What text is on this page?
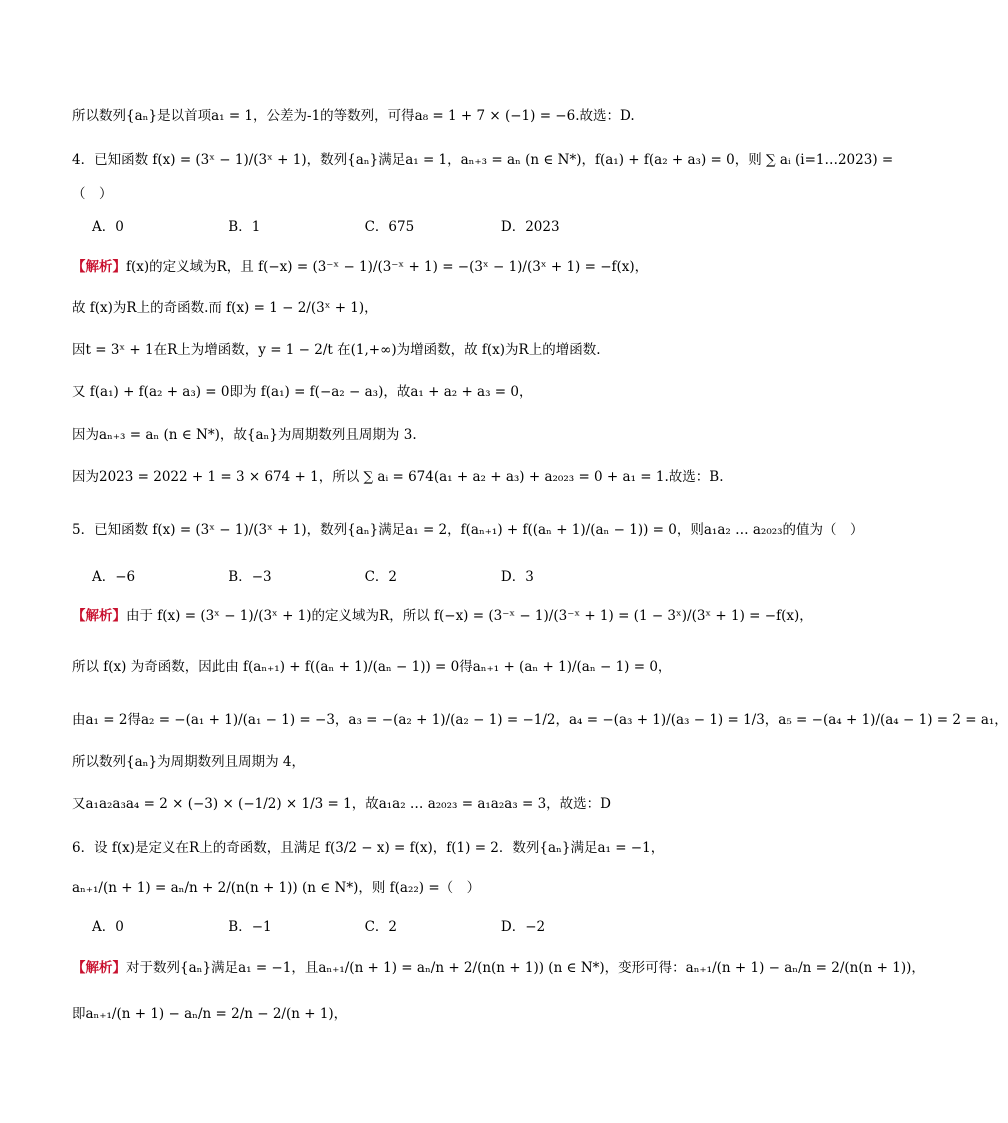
所以数列{aₙ}是以首项a₁ = 1，公差为-1的等数列，可得a₈ = 1 + 7 × (−1) = −6.故选：D.
4．已知函数 f(x) = (3ˣ − 1)/(3ˣ + 1)，数列{aₙ}满足a₁ = 1，aₙ₊₃ = aₙ (n ∈ N*)，f(a₁) + f(a₂ + a₃) = 0，则 ∑ aᵢ (i=1…2023) =
（　）
A．0	B．1	C．675	D．2023
【解析】f(x)的定义域为R，且 f(−x) = (3⁻ˣ − 1)/(3⁻ˣ + 1) = −(3ˣ − 1)/(3ˣ + 1) = −f(x)，
故 f(x)为R上的奇函数.而 f(x) = 1 − 2/(3ˣ + 1)，
因t = 3ˣ + 1在R上为增函数，y = 1 − 2/t 在(1,+∞)为增函数，故 f(x)为R上的增函数.
又 f(a₁) + f(a₂ + a₃) = 0即为 f(a₁) = f(−a₂ − a₃)，故a₁ + a₂ + a₃ = 0，
因为aₙ₊₃ = aₙ (n ∈ N*)，故{aₙ}为周期数列且周期为 3.
因为2023 = 2022 + 1 = 3 × 674 + 1，所以 ∑ aᵢ = 674(a₁ + a₂ + a₃) + a₂₀₂₃ = 0 + a₁ = 1.故选：B.
5．已知函数 f(x) = (3ˣ − 1)/(3ˣ + 1)，数列{aₙ}满足a₁ = 2，f(aₙ₊₁) + f((aₙ + 1)/(aₙ − 1)) = 0，则a₁a₂ … a₂₀₂₃的值为（　）
A．−6	B．−3	C．2	D．3
【解析】由于 f(x) = (3ˣ − 1)/(3ˣ + 1)的定义域为R，所以 f(−x) = (3⁻ˣ − 1)/(3⁻ˣ + 1) = (1 − 3ˣ)/(3ˣ + 1) = −f(x)，
所以 f(x) 为奇函数，因此由 f(aₙ₊₁) + f((aₙ + 1)/(aₙ − 1)) = 0得aₙ₊₁ + (aₙ + 1)/(aₙ − 1) = 0，
由a₁ = 2得a₂ = −(a₁ + 1)/(a₁ − 1) = −3，a₃ = −(a₂ + 1)/(a₂ − 1) = −1/2，a₄ = −(a₃ + 1)/(a₃ − 1) = 1/3，a₅ = −(a₄ + 1)/(a₄ − 1) = 2 = a₁，
所以数列{aₙ}为周期数列且周期为 4，
又a₁a₂a₃a₄ = 2 × (−3) × (−1/2) × 1/3 = 1，故a₁a₂ … a₂₀₂₃ = a₁a₂a₃ = 3，故选：D
6．设 f(x)是定义在R上的奇函数，且满足 f(3/2 − x) = f(x)，f(1) = 2．数列{aₙ}满足a₁ = −1，
aₙ₊₁/(n + 1) = aₙ/n + 2/(n(n + 1)) (n ∈ N*)，则 f(a₂₂) =（　）
A．0	B．−1	C．2	D．−2
【解析】对于数列{aₙ}满足a₁ = −1，且aₙ₊₁/(n + 1) = aₙ/n + 2/(n(n + 1)) (n ∈ N*)，变形可得：aₙ₊₁/(n + 1) − aₙ/n = 2/(n(n + 1))，
即aₙ₊₁/(n + 1) − aₙ/n = 2/n − 2/(n + 1)，
